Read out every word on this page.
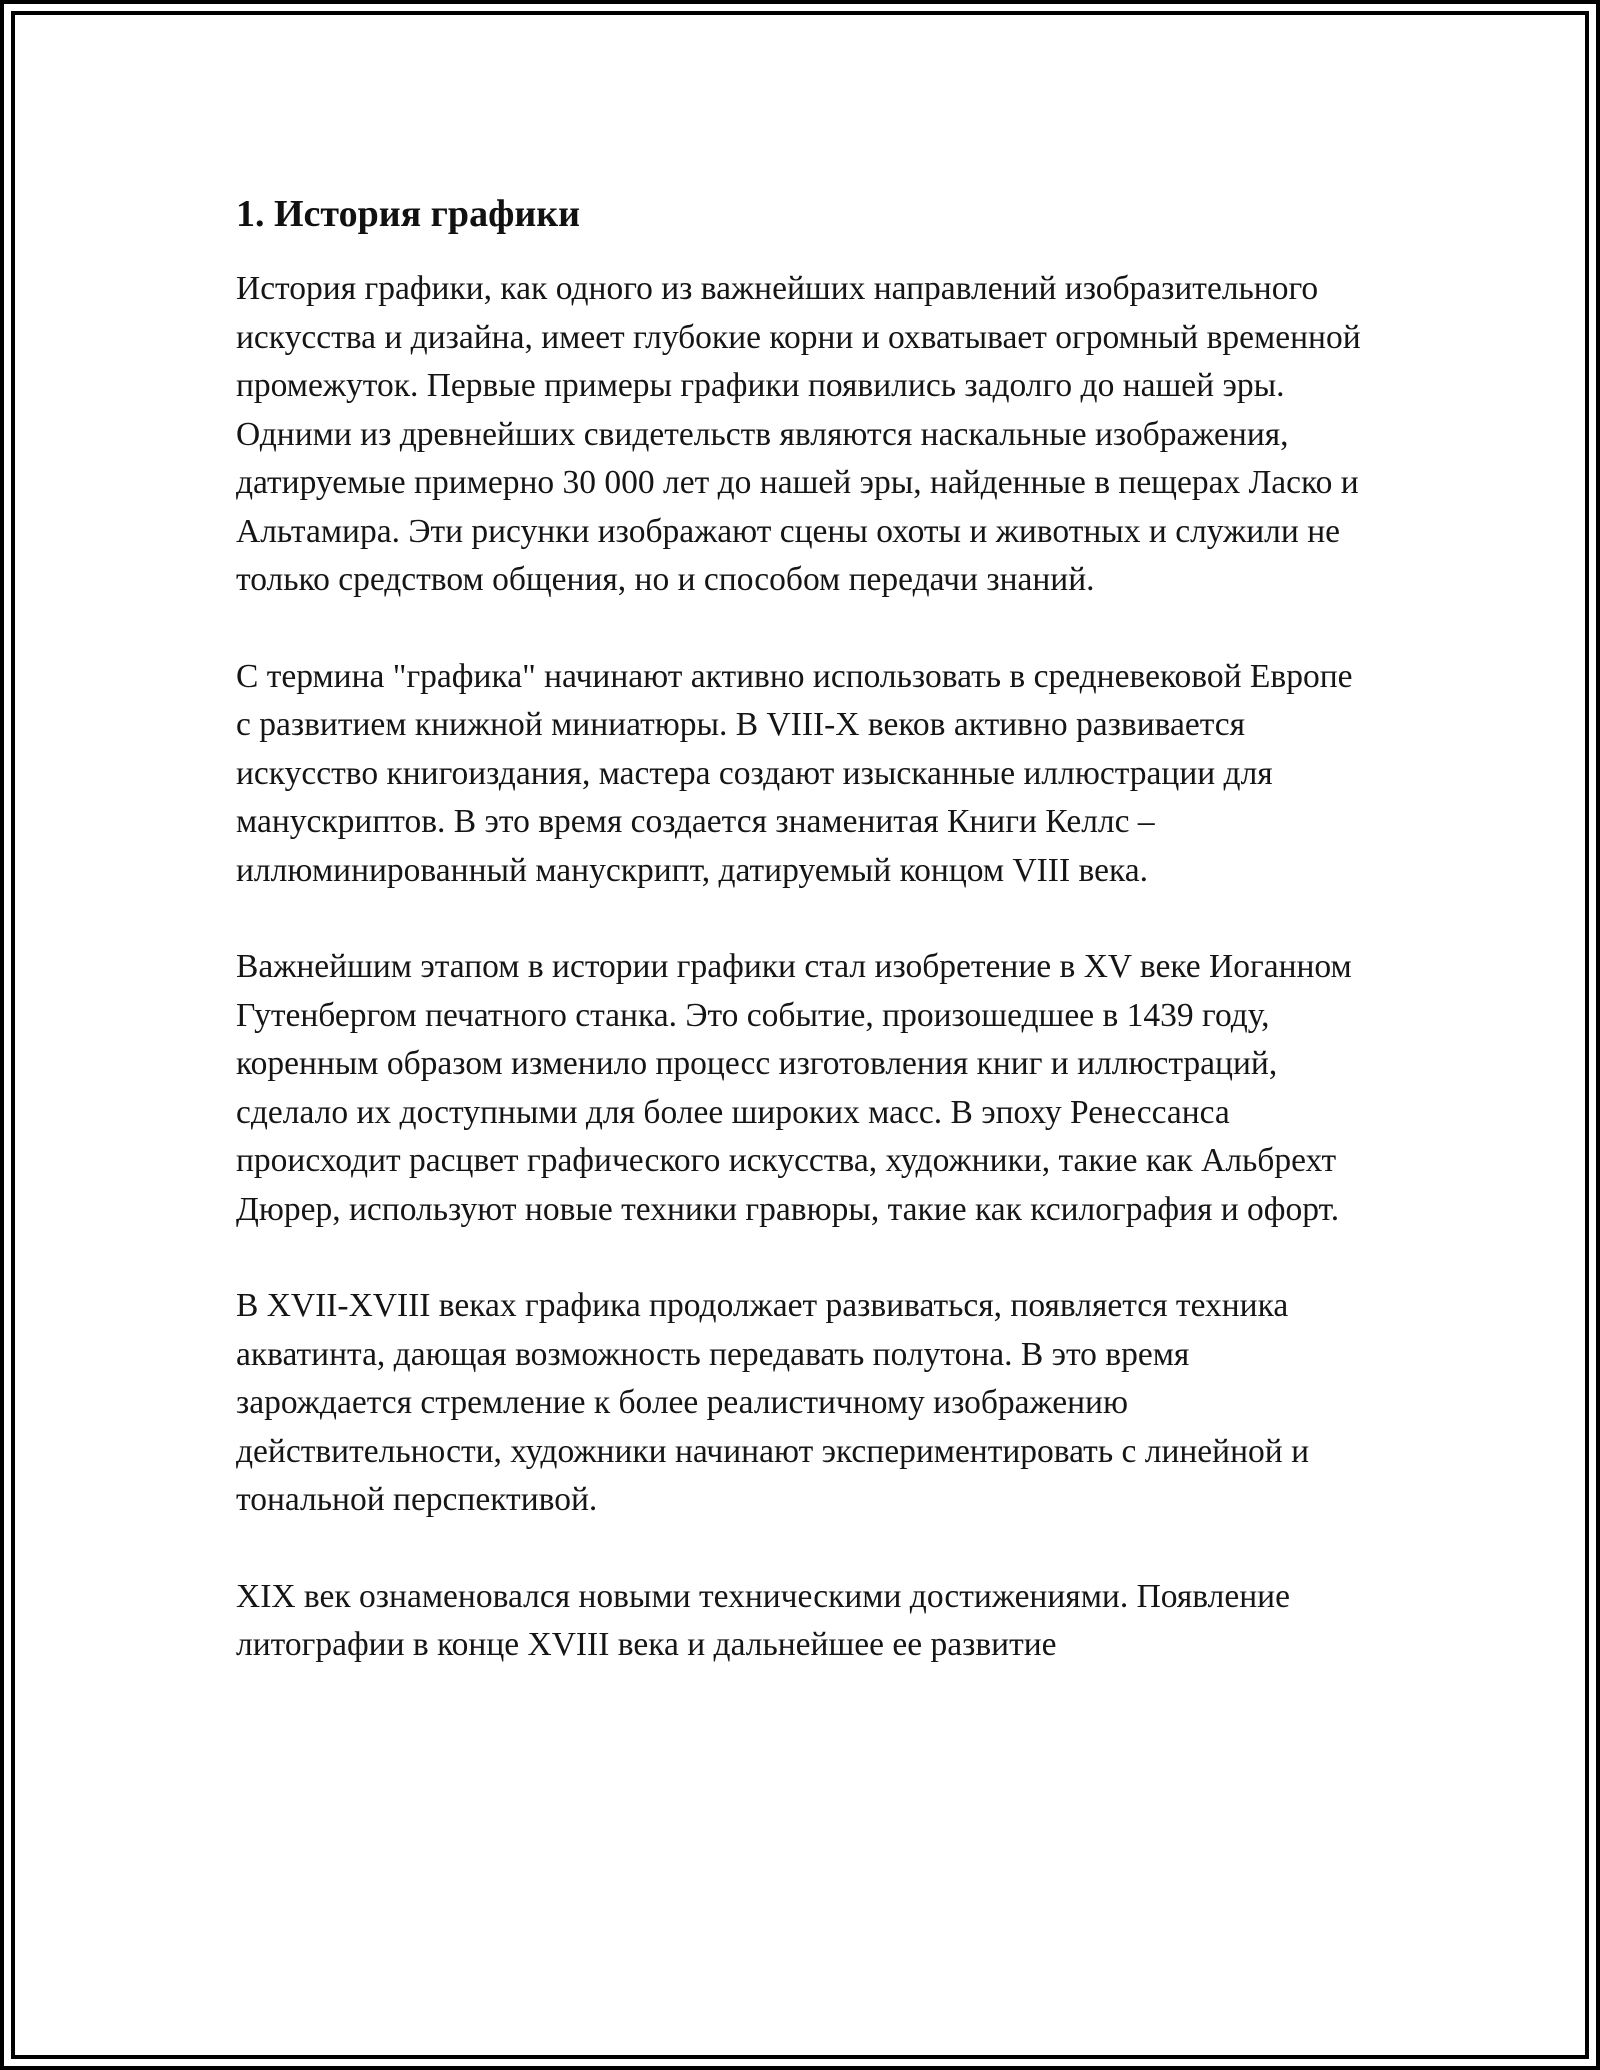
1. История графики

История графики, как одного из важнейших направлений изобразительного искусства и дизайна, имеет глубокие корни и охватывает огромный временной промежуток. Первые примеры графики появились задолго до нашей эры. Одними из древнейших свидетельств являются наскальные изображения, датируемые примерно 30 000 лет до нашей эры, найденные в пещерах Ласко и Альтамира. Эти рисунки изображают сцены охоты и животных и служили не только средством общения, но и способом передачи знаний.

С термина "графика" начинают активно использовать в средневековой Европе с развитием книжной миниатюры. В VIII-X веков активно развивается искусство книгоиздания, мастера создают изысканные иллюстрации для манускриптов. В это время создается знаменитая Книги Келлс – иллюминированный манускрипт, датируемый концом VIII века.

Важнейшим этапом в истории графики стал изобретение в XV веке Иоганном Гутенбергом печатного станка. Это событие, произошедшее в 1439 году, коренным образом изменило процесс изготовления книг и иллюстраций, сделало их доступными для более широких масс. В эпоху Ренессанса происходит расцвет графического искусства, художники, такие как Альбрехт Дюрер, используют новые техники гравюры, такие как ксилография и офорт.

В XVII-XVIII веках графика продолжает развиваться, появляется техника акватинта, дающая возможность передавать полутона. В это время зарождается стремление к более реалистичному изображению действительности, художники начинают экспериментировать с линейной и тональной перспективой.

XIX век ознаменовался новыми техническими достижениями. Появление литографии в конце XVIII века и дальнейшее ее развитие
